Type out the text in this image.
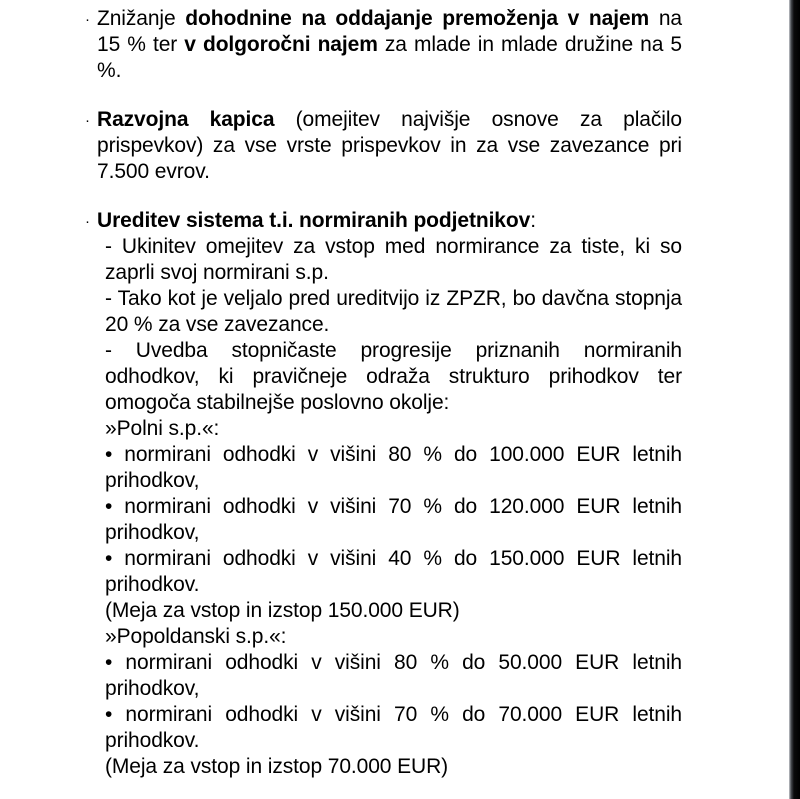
· Znižanje dohodnine na oddajanje premoženja v najem na 15 % ter v dolgoročni najem za mlade in mlade družine na 5 %.
· Razvojna kapica (omejitev najvišje osnove za plačilo prispevkov) za vse vrste prispevkov in za vse zavezance pri 7.500 evrov.
· Ureditev sistema t.i. normiranih podjetnikov:
- Ukinitev omejitev za vstop med normirance za tiste, ki so zaprli svoj normirani s.p.
- Tako kot je veljalo pred ureditvijo iz ZPZR, bo davčna stopnja 20 % za vse zavezance.
- Uvedba stopničaste progresije priznanih normiranih odhodkov, ki pravičneje odraža strukturo prihodkov ter omogoča stabilnejše poslovno okolje:
»Polni s.p.«:
• normirani odhodki v višini 80 % do 100.000 EUR letnih prihodkov,
• normirani odhodki v višini 70 % do 120.000 EUR letnih prihodkov,
• normirani odhodki v višini 40 % do 150.000 EUR letnih prihodkov.
(Meja za vstop in izstop 150.000 EUR)
»Popoldanski s.p.«:
• normirani odhodki v višini 80 % do 50.000 EUR letnih prihodkov,
• normirani odhodki v višini 70 % do 70.000 EUR letnih prihodkov.
(Meja za vstop in izstop 70.000 EUR)
